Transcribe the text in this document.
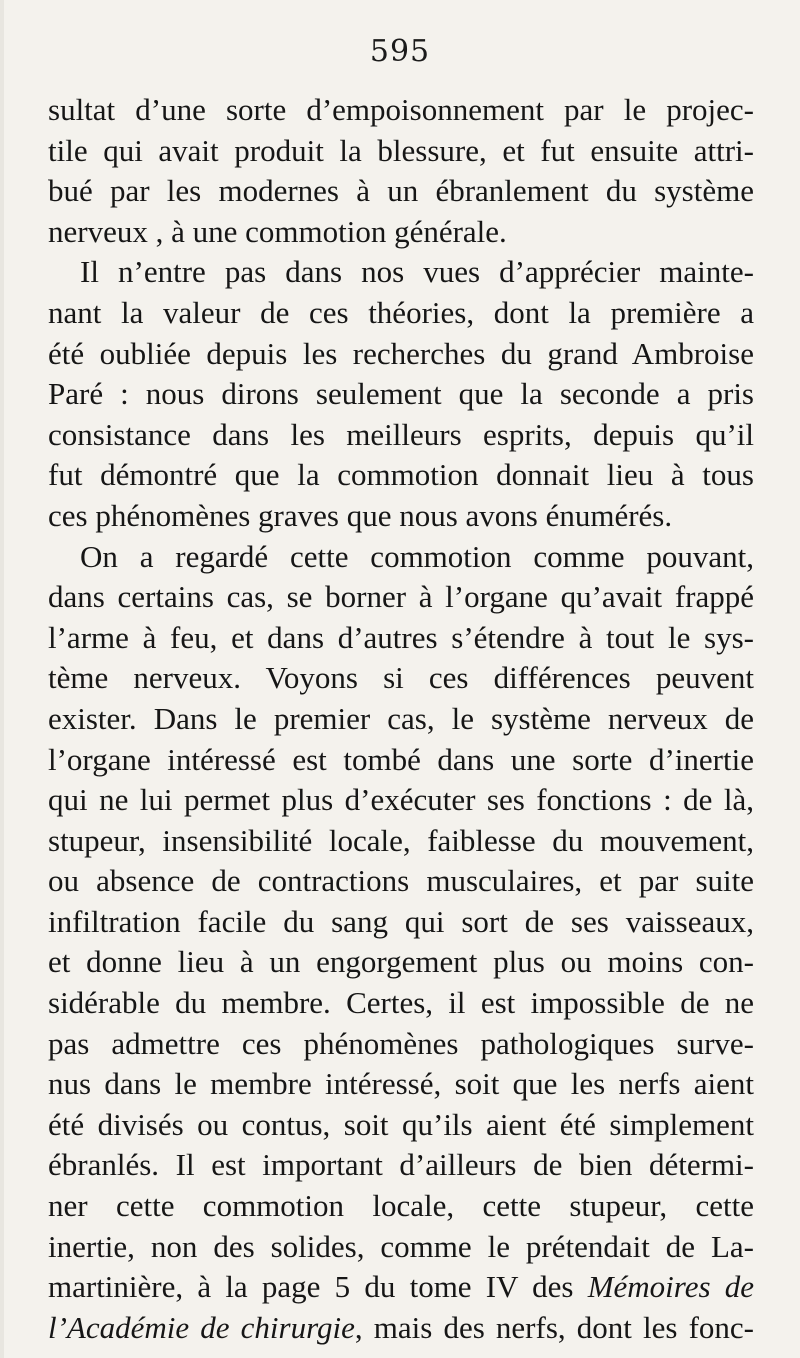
595
sultat d’une sorte d’empoisonnement par le projec-
tile qui avait produit la blessure, et fut ensuite attri-
bué par les modernes à un ébranlement du système
nerveux , à une commotion générale.
Il n’entre pas dans nos vues d’apprécier mainte-
nant la valeur de ces théories, dont la première a
été oubliée depuis les recherches du grand Ambroise
Paré : nous dirons seulement que la seconde a pris
consistance dans les meilleurs esprits, depuis qu’il
fut démontré que la commotion donnait lieu à tous
ces phénomènes graves que nous avons énumérés.
On a regardé cette commotion comme pouvant,
dans certains cas, se borner à l’organe qu’avait frappé
l’arme à feu, et dans d’autres s’étendre à tout le sys-
tème nerveux. Voyons si ces différences peuvent
exister. Dans le premier cas, le système nerveux de
l’organe intéressé est tombé dans une sorte d’inertie
qui ne lui permet plus d’exécuter ses fonctions : de là,
stupeur, insensibilité locale, faiblesse du mouvement,
ou absence de contractions musculaires, et par suite
infiltration facile du sang qui sort de ses vaisseaux,
et donne lieu à un engorgement plus ou moins con-
sidérable du membre. Certes, il est impossible de ne
pas admettre ces phénomènes pathologiques surve-
nus dans le membre intéressé, soit que les nerfs aient
été divisés ou contus, soit qu’ils aient été simplement
ébranlés. Il est important d’ailleurs de bien détermi-
ner cette commotion locale, cette stupeur, cette
inertie, non des solides, comme le prétendait de La-
martinière, à la page 5 du tome IV des Mémoires de
l’Académie de chirurgie, mais des nerfs, dont les fonc-
